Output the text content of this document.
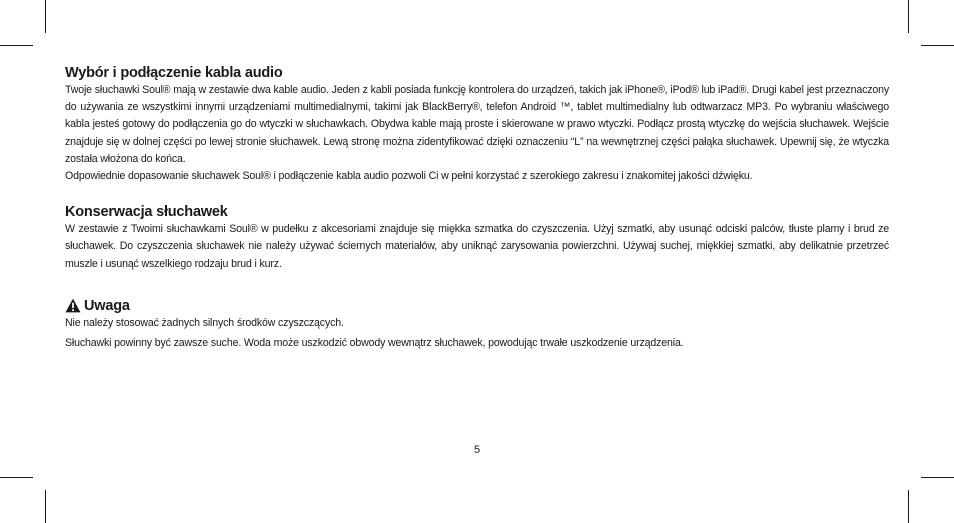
Wybór i podłączenie kabla audio

Twoje słuchawki Soul® mają w zestawie dwa kable audio. Jeden z kabli posiada funkcję kontrolera do urządzeń, takich jak iPhone®, iPod® lub iPad®. Drugi kabel jest przeznaczony do używania ze wszystkimi innymi urządzeniami multimedialnymi, takimi jak BlackBerry®, telefon Android ™, tablet multimedialny lub odtwarzacz MP3. Po wybraniu właściwego kabla jesteś gotowy do podłączenia go do wtyczki w słuchawkach. Obydwa kable mają proste i skierowane w prawo wtyczki. Podłącz prostą wtyczkę do wejścia słuchawek. Wejście znajduje się w dolnej części po lewej stronie słuchawek. Lewą stronę można zidentyfikować dzięki oznaczeniu “L” na wewnętrznej części pałąka słuchawek. Upewnij się, że wtyczka została włożona do końca.

Odpowiednie dopasowanie słuchawek Soul® i podłączenie kabla audio pozwoli Ci w pełni korzystać z szerokiego zakresu i znakomitej jakości dźwięku.

Konserwacja słuchawek

W zestawie z Twoimi słuchawkami Soul® w pudełku z akcesoriami znajduje się miękka szmatka do czyszczenia. Użyj szmatki, aby usunąć odciski palców, tłuste plamy i brud ze słuchawek. Do czyszczenia słuchawek nie należy używać ściernych materiałów, aby uniknąć zarysowania powierzchni. Używaj suchej, miękkiej szmatki, aby delikatnie przetrzeć muszle i usunąć wszelkiego rodzaju brud i kurz.

Uwaga

Nie należy stosować żadnych silnych środków czyszczących.

Słuchawki powinny być zawsze suche. Woda może uszkodzić obwody wewnątrz słuchawek, powodując trwałe uszkodzenie urządzenia.

5
